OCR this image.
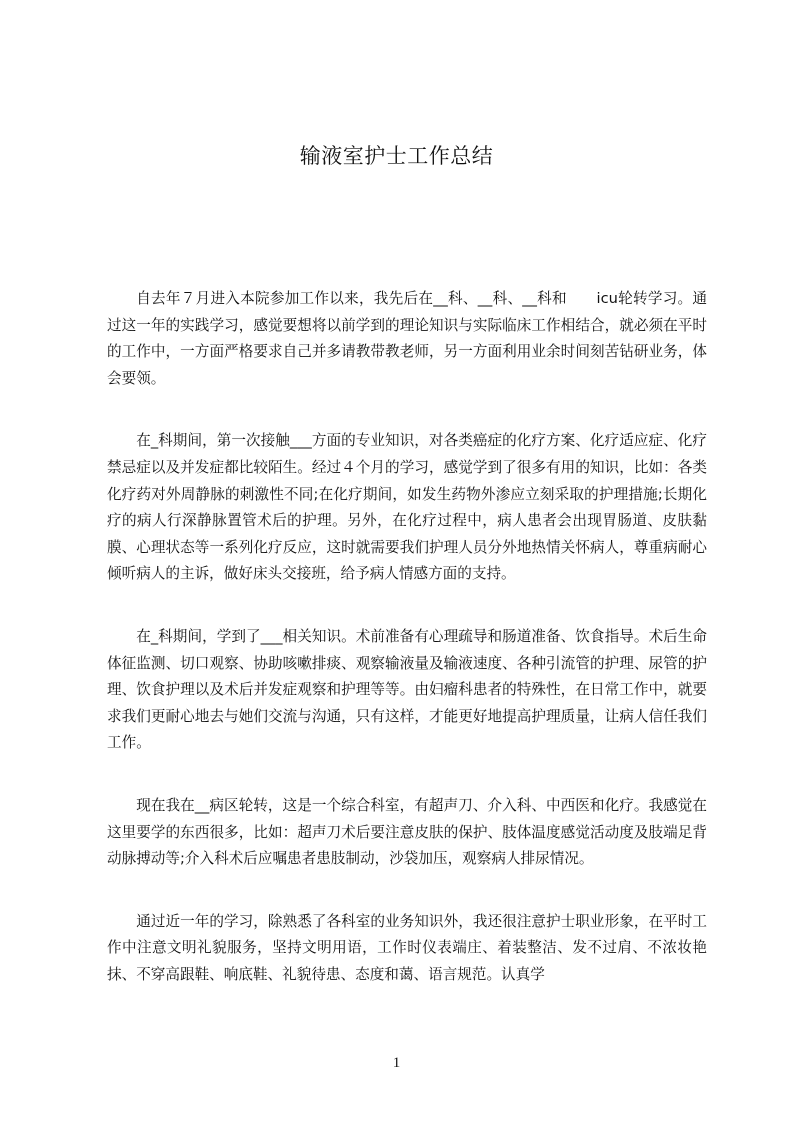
输液室护士工作总结

自去年７月进入本院参加工作以来，我先后在__科、__科、__科和　　icu轮转学习。通过这一年的实践学习，感觉要想将以前学到的理论知识与实际临床工作相结合，就必须在平时的工作中，一方面严格要求自己并多请教带教老师，另一方面利用业余时间刻苦钻研业务，体会要领。

在_科期间，第一次接触___方面的专业知识，对各类癌症的化疗方案、化疗适应症、化疗禁忌症以及并发症都比较陌生。经过４个月的学习，感觉学到了很多有用的知识，比如：各类化疗药对外周静脉的刺激性不同;在化疗期间，如发生药物外渗应立刻采取的护理措施;长期化疗的病人行深静脉置管术后的护理。另外，在化疗过程中，病人患者会出现胃肠道、皮肤黏膜、心理状态等一系列化疗反应，这时就需要我们护理人员分外地热情关怀病人，尊重病耐心倾听病人的主诉，做好床头交接班，给予病人情感方面的支持。

在_科期间，学到了___相关知识。术前准备有心理疏导和肠道准备、饮食指导。术后生命体征监测、切口观察、协助咳嗽排痰、观察输液量及输液速度、各种引流管的护理、尿管的护理、饮食护理以及术后并发症观察和护理等等。由妇瘤科患者的特殊性，在日常工作中，就要求我们更耐心地去与她们交流与沟通，只有这样，才能更好地提高护理质量，让病人信任我们工作。

现在我在__病区轮转，这是一个综合科室，有超声刀、介入科、中西医和化疗。我感觉在这里要学的东西很多，比如：超声刀术后要注意皮肤的保护、肢体温度感觉活动度及肢端足背动脉搏动等;介入科术后应嘱患者患肢制动，沙袋加压，观察病人排尿情况。

通过近一年的学习，除熟悉了各科室的业务知识外，我还很注意护士职业形象，在平时工作中注意文明礼貌服务，坚持文明用语，工作时仪表端庄、着装整洁、发不过肩、不浓妆艳抹、不穿高跟鞋、响底鞋、礼貌待患、态度和蔼、语言规范。认真学

1
